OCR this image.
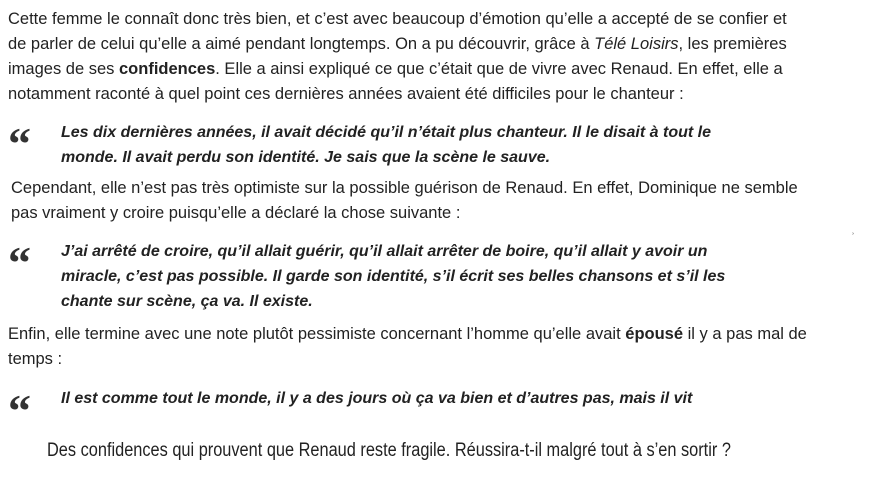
Cette femme le connaît donc très bien, et c’est avec beaucoup d’émotion qu’elle a accepté de se confier et
de parler de celui qu’elle a aimé pendant longtemps. On a pu découvrir, grâce à Télé Loisirs, les premières
images de ses confidences. Elle a ainsi expliqué ce que c’était que de vivre avec Renaud. En effet, elle a
notamment raconté à quel point ces dernières années avaient été difficiles pour le chanteur :
“ Les dix dernières années, il avait décidé qu’il n’était plus chanteur. Il le disait à tout le
monde. Il avait perdu son identité. Je sais que la scène le sauve.
Cependant, elle n’est pas très optimiste sur la possible guérison de Renaud. En effet, Dominique ne semble
pas vraiment y croire puisqu’elle a déclaré la chose suivante :
˒
“ J’ai arrêté de croire, qu’il allait guérir, qu’il allait arrêter de boire, qu’il allait y avoir un
miracle, c’est pas possible. Il garde son identité, s’il écrit ses belles chansons et s’il les
chante sur scène, ça va. Il existe.
Enfin, elle termine avec une note plutôt pessimiste concernant l’homme qu’elle avait épousé il y a pas mal de
temps :
“ Il est comme tout le monde, il y a des jours où ça va bien et d’autres pas, mais il vit
Des confidences qui prouvent que Renaud reste fragile. Réussira-t-il malgré tout à s’en sortir ?
